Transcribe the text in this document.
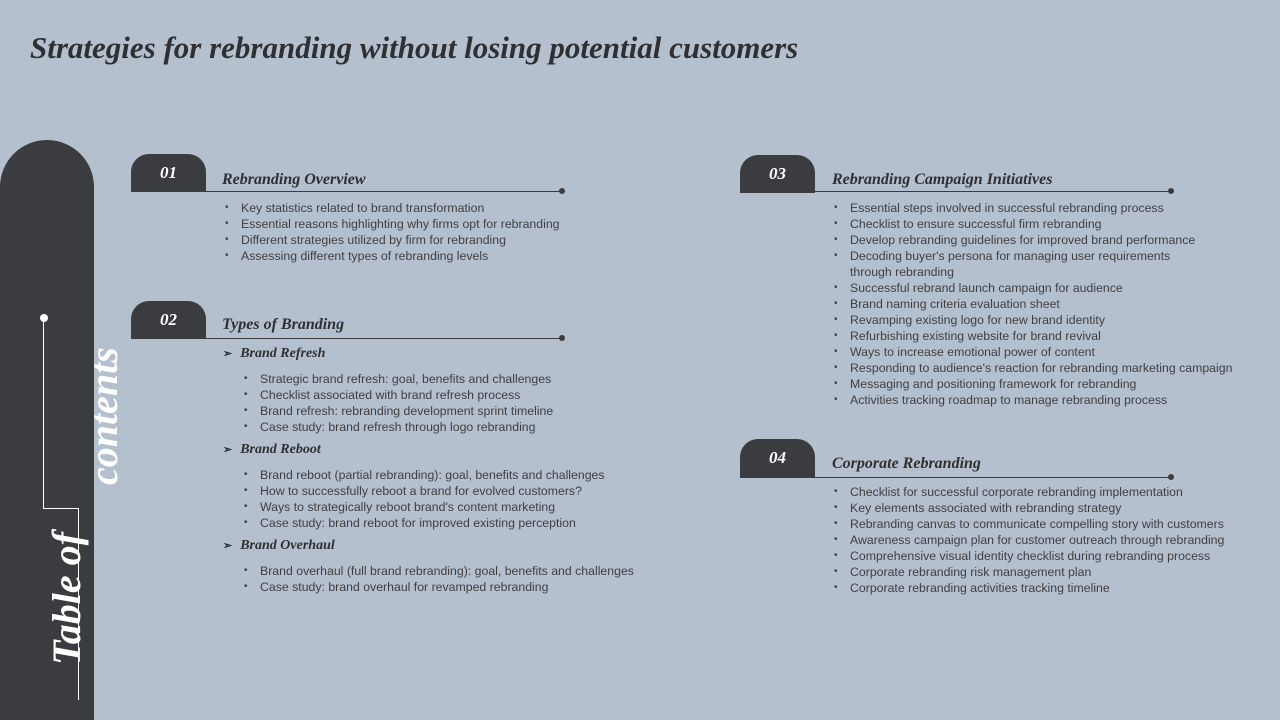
Strategies for rebranding without losing potential customers
Table of
contents
01	Rebranding Overview
• Key statistics related to brand transformation
• Essential reasons highlighting why firms opt for rebranding
• Different strategies utilized by firm for rebranding
• Assessing different types of rebranding levels
02	Types of Branding
➢ Brand Refresh
• Strategic brand refresh: goal, benefits and challenges
• Checklist associated with brand refresh process
• Brand refresh: rebranding development sprint timeline
• Case study: brand refresh through logo rebranding
➢ Brand Reboot
• Brand reboot (partial rebranding): goal, benefits and challenges
• How to successfully reboot a brand for evolved customers?
• Ways to strategically reboot brand's content marketing
• Case study: brand reboot for improved existing perception
➢ Brand Overhaul
• Brand overhaul (full brand rebranding): goal, benefits and challenges
• Case study: brand overhaul for revamped rebranding
03	Rebranding Campaign Initiatives
• Essential steps involved in successful rebranding process
• Checklist to ensure successful firm rebranding
• Develop rebranding guidelines for improved brand performance
• Decoding buyer's persona for managing user requirements
through rebranding
• Successful rebrand launch campaign for audience
• Brand naming criteria evaluation sheet
• Revamping existing logo for new brand identity
• Refurbishing existing website for brand revival
• Ways to increase emotional power of content
• Responding to audience's reaction for rebranding marketing campaign
• Messaging and positioning framework for rebranding
• Activities tracking roadmap to manage rebranding process
04	Corporate Rebranding
• Checklist for successful corporate rebranding implementation
• Key elements associated with rebranding strategy
• Rebranding canvas to communicate compelling story with customers
• Awareness campaign plan for customer outreach through rebranding
• Comprehensive visual identity checklist during rebranding process
• Corporate rebranding risk management plan
• Corporate rebranding activities tracking timeline
